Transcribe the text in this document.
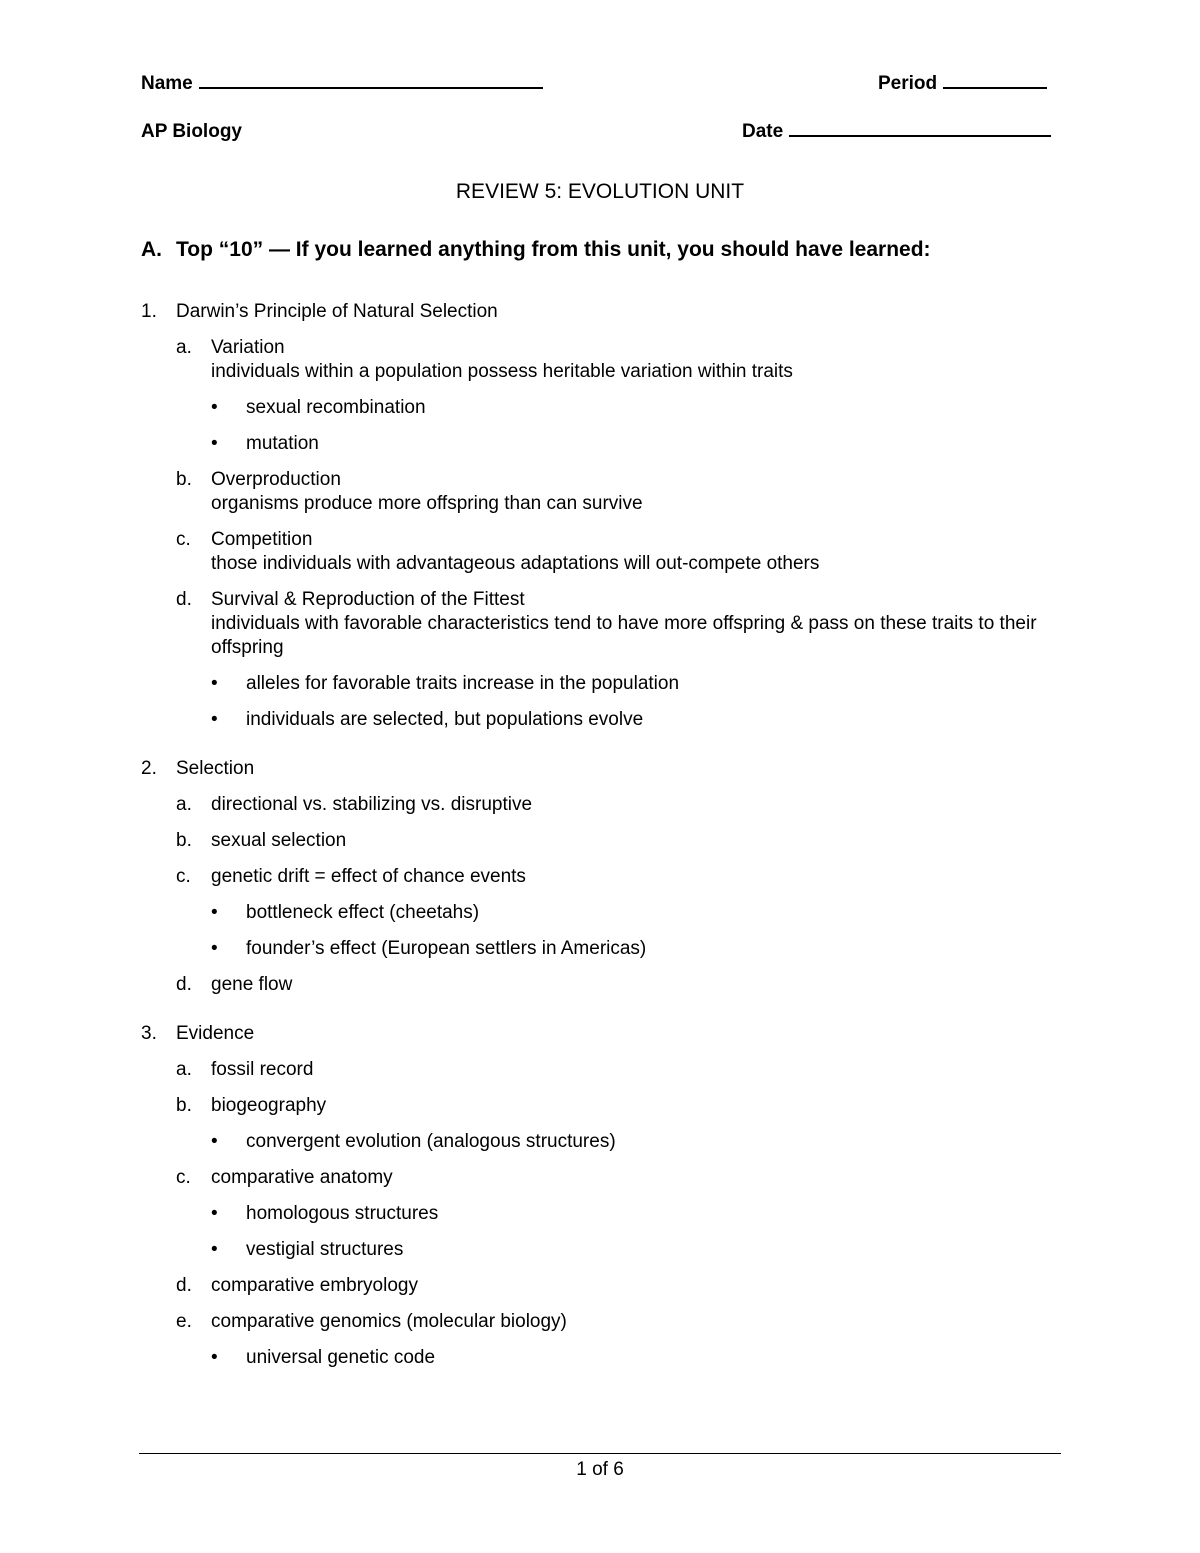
Name	Period
AP Biology	Date
REVIEW 5: EVOLUTION UNIT
A. Top “10” — If you learned anything from this unit, you should have learned:
1. Darwin’s Principle of Natural Selection
a. Variation
individuals within a population possess heritable variation within traits
• sexual recombination
• mutation
b. Overproduction
organisms produce more offspring than can survive
c. Competition
those individuals with advantageous adaptations will out-compete others
d. Survival & Reproduction of the Fittest
individuals with favorable characteristics tend to have more offspring & pass on these traits to their offspring
• alleles for favorable traits increase in the population
• individuals are selected, but populations evolve
2. Selection
a. directional vs. stabilizing vs. disruptive
b. sexual selection
c. genetic drift = effect of chance events
• bottleneck effect (cheetahs)
• founder’s effect (European settlers in Americas)
d. gene flow
3. Evidence
a. fossil record
b. biogeography
• convergent evolution (analogous structures)
c. comparative anatomy
• homologous structures
• vestigial structures
d. comparative embryology
e. comparative genomics (molecular biology)
• universal genetic code
1 of 6
